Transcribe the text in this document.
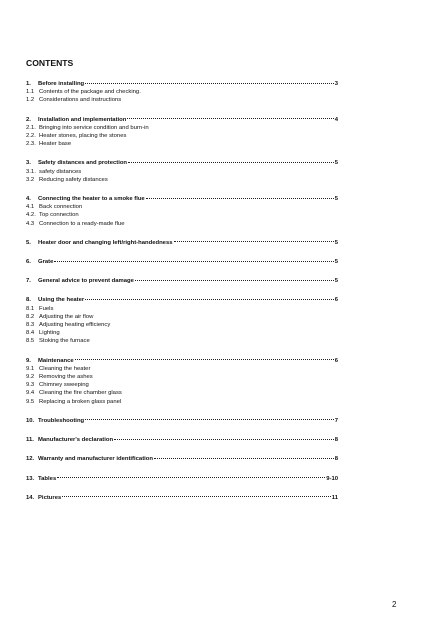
CONTENTS
1.	Before installing	3
1.1 Contents of the package and checking.
1.2 Considerations and instructions
2.	Installation and implementation	4
2.1. Bringing into service condition and burn-in
2.2. Heater stones, placing the stones
2.3. Heater base
3.	Safety distances and protection	5
3.1. safety distances
3.2 Reducing safety distances
4.	Connecting the heater to a smoke flue	5
4.1 Back connection
4.2. Top connection
4.3 Connection to a ready-made flue
5.	Heater door and changing left/right-handedness	5
6.	Grate	5
7.	General advice to prevent damage	5
8.	Using the heater	6
8.1 Fuels
8.2 Adjusting the air flow
8.3 Adjusting heating efficiency
8.4 Lighting
8.5 Stoking the furnace
9.	Maintenance	6
9.1 Cleaning the heater
9.2 Removing the ashes
9.3 Chimney sweeping
9.4 Cleaning the fire chamber glass
9.5 Replacing a broken glass panel
10. Troubleshooting	7
11. Manufacturer's declaration	8
12. Warranty and manufacturer identification	8
13. Tables	9-10
14. Pictures	11
2
